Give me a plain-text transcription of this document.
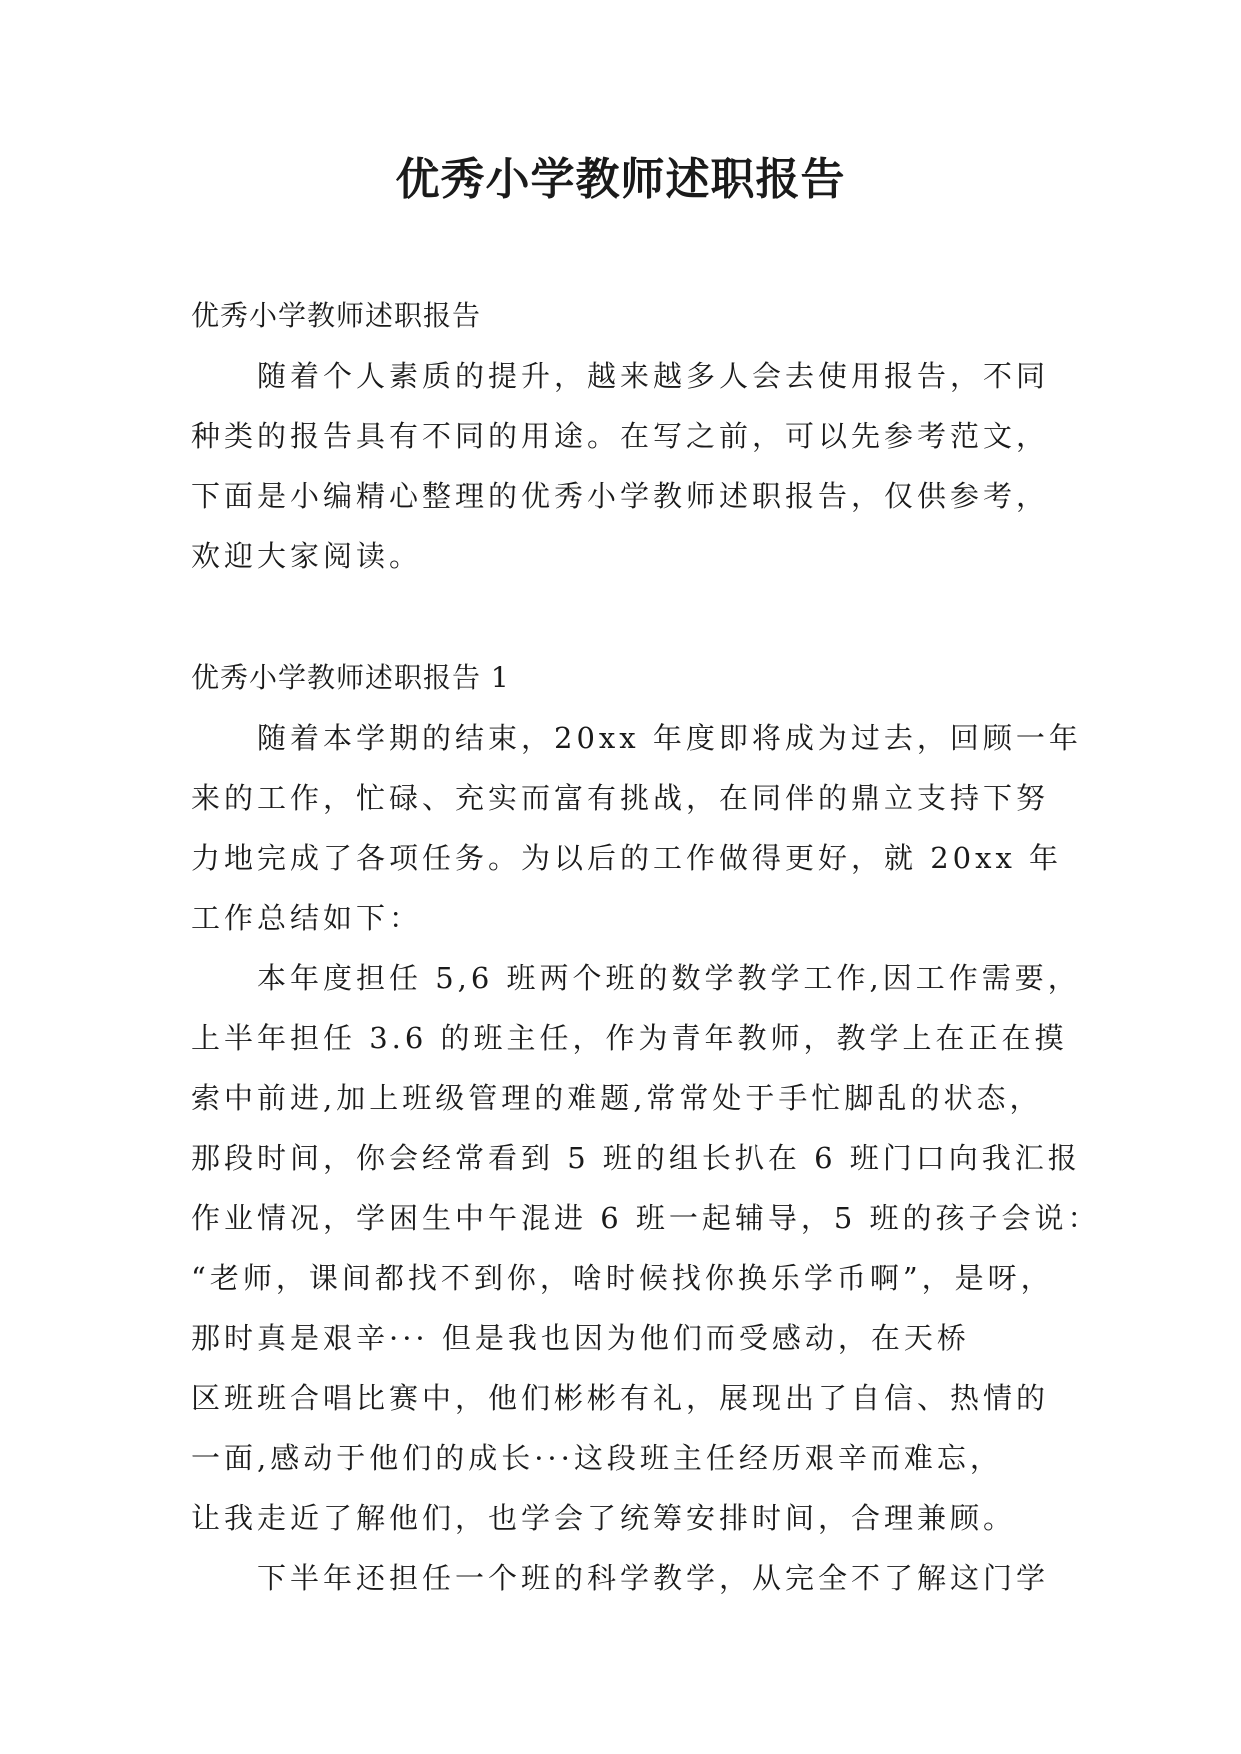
优秀小学教师述职报告

优秀小学教师述职报告

随着个人素质的提升，越来越多人会去使用报告，不同
种类的报告具有不同的用途。在写之前，可以先参考范文，
下面是小编精心整理的优秀小学教师述职报告，仅供参考，
欢迎大家阅读。

优秀小学教师述职报告 1

随着本学期的结束，20xx 年度即将成为过去，回顾一年
来的工作，忙碌、充实而富有挑战，在同伴的鼎立支持下努
力地完成了各项任务。为以后的工作做得更好，就 20xx 年
工作总结如下：

本年度担任 5,6 班两个班的数学教学工作,因工作需要，
上半年担任 3.6 的班主任，作为青年教师，教学上在正在摸
索中前进,加上班级管理的难题,常常处于手忙脚乱的状态，
那段时间，你会经常看到 5 班的组长扒在 6 班门口向我汇报
作业情况，学困生中午混进 6 班一起辅导，5 班的孩子会说：
“老师，课间都找不到你，啥时候找你换乐学币啊”，是呀，
那时真是艰辛··· 但是我也因为他们而受感动，在天桥
区班班合唱比赛中，他们彬彬有礼，展现出了自信、热情的
一面,感动于他们的成长···这段班主任经历艰辛而难忘，
让我走近了解他们，也学会了统筹安排时间，合理兼顾。

下半年还担任一个班的科学教学，从完全不了解这门学
